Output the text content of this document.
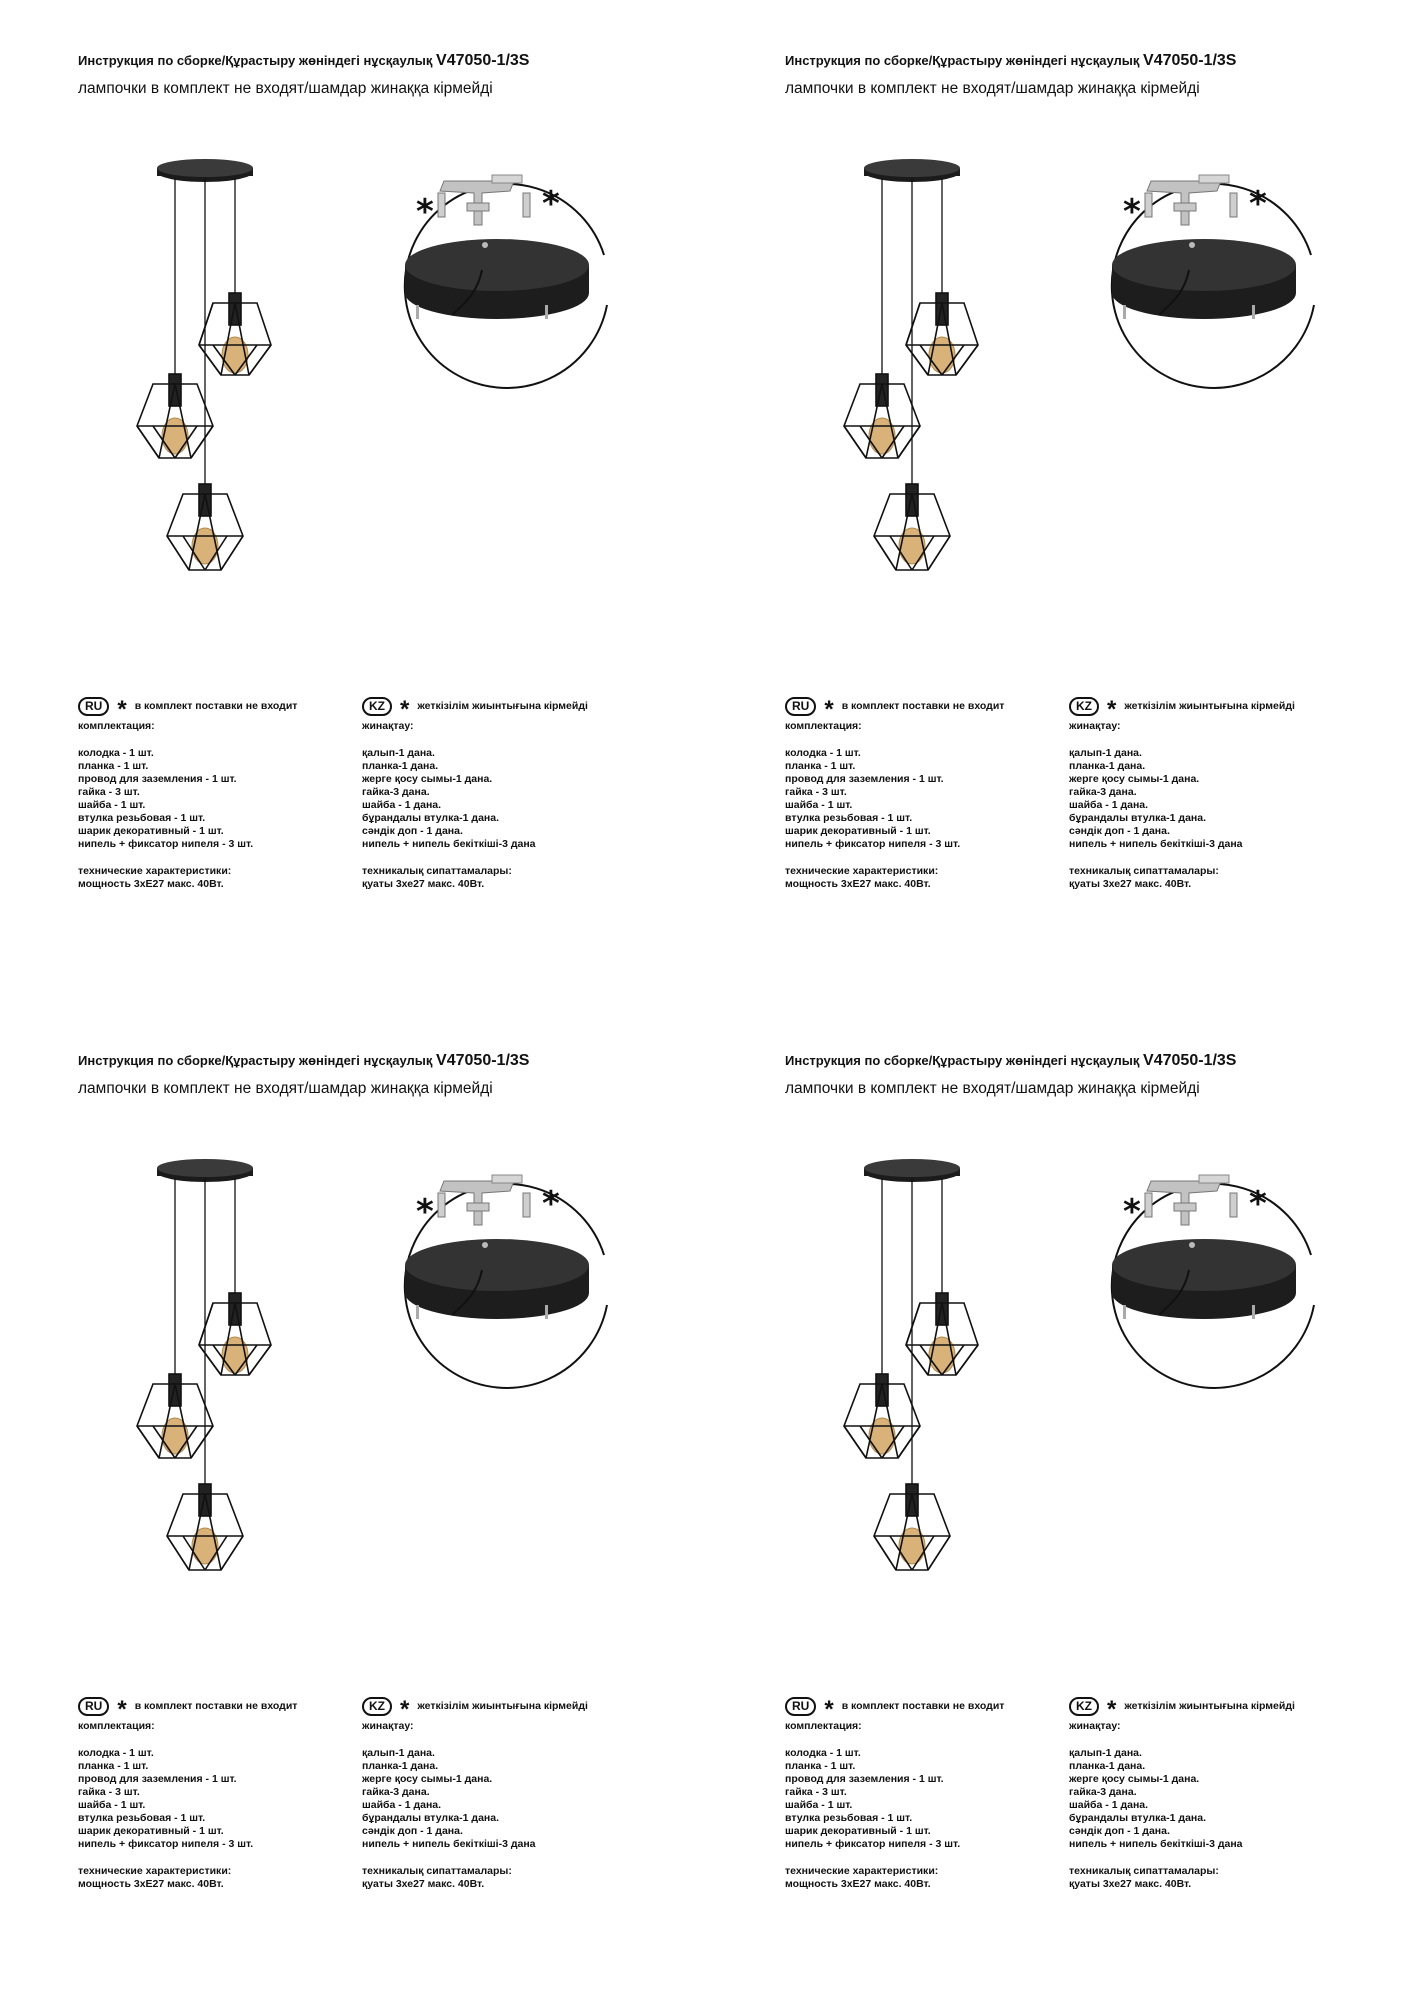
Инструкция по сборке/Құрастыру жөніндегі нұсқаулық V47050-1/3S
лампочки в комплект не входят/шамдар жинаққа кірмейді
*	*
RU * в комплект поставки не входит
комплектация:
колодка - 1 шт.
планка - 1 шт.
провод для заземления - 1 шт.
гайка - 3 шт.
шайба - 1 шт.
втулка резьбовая - 1 шт.
шарик декоративный - 1 шт.
нипель + фиксатор нипеля - 3 шт.
технические характеристики:
мощность 3хЕ27 макс. 40Вт.
KZ * жеткізілім жиынтығына кірмейді
жинақтау:
қалып-1 дана.
планка-1 дана.
жерге қосу сымы-1 дана.
гайка-3 дана.
шайба - 1 дана.
бұрандалы втулка-1 дана.
сәндік доп - 1 дана.
нипель + нипель бекіткіші-3 дана
техникалық сипаттамалары:
қуаты 3хе27 макс. 40Вт.
Инструкция по сборке/Құрастыру жөніндегі нұсқаулық V47050-1/3S
лампочки в комплект не входят/шамдар жинаққа кірмейді
*	*
RU * в комплект поставки не входит
комплектация:
колодка - 1 шт.
планка - 1 шт.
провод для заземления - 1 шт.
гайка - 3 шт.
шайба - 1 шт.
втулка резьбовая - 1 шт.
шарик декоративный - 1 шт.
нипель + фиксатор нипеля - 3 шт.
технические характеристики:
мощность 3хЕ27 макс. 40Вт.
KZ * жеткізілім жиынтығына кірмейді
жинақтау:
қалып-1 дана.
планка-1 дана.
жерге қосу сымы-1 дана.
гайка-3 дана.
шайба - 1 дана.
бұрандалы втулка-1 дана.
сәндік доп - 1 дана.
нипель + нипель бекіткіші-3 дана
техникалық сипаттамалары:
қуаты 3хе27 макс. 40Вт.
Инструкция по сборке/Құрастыру жөніндегі нұсқаулық V47050-1/3S
лампочки в комплект не входят/шамдар жинаққа кірмейді
*	*
RU * в комплект поставки не входит
комплектация:
колодка - 1 шт.
планка - 1 шт.
провод для заземления - 1 шт.
гайка - 3 шт.
шайба - 1 шт.
втулка резьбовая - 1 шт.
шарик декоративный - 1 шт.
нипель + фиксатор нипеля - 3 шт.
технические характеристики:
мощность 3хЕ27 макс. 40Вт.
KZ * жеткізілім жиынтығына кірмейді
жинақтау:
қалып-1 дана.
планка-1 дана.
жерге қосу сымы-1 дана.
гайка-3 дана.
шайба - 1 дана.
бұрандалы втулка-1 дана.
сәндік доп - 1 дана.
нипель + нипель бекіткіші-3 дана
техникалық сипаттамалары:
қуаты 3хе27 макс. 40Вт.
Инструкция по сборке/Құрастыру жөніндегі нұсқаулық V47050-1/3S
лампочки в комплект не входят/шамдар жинаққа кірмейді
*	*
RU * в комплект поставки не входит
комплектация:
колодка - 1 шт.
планка - 1 шт.
провод для заземления - 1 шт.
гайка - 3 шт.
шайба - 1 шт.
втулка резьбовая - 1 шт.
шарик декоративный - 1 шт.
нипель + фиксатор нипеля - 3 шт.
технические характеристики:
мощность 3хЕ27 макс. 40Вт.
KZ * жеткізілім жиынтығына кірмейді
жинақтау:
қалып-1 дана.
планка-1 дана.
жерге қосу сымы-1 дана.
гайка-3 дана.
шайба - 1 дана.
бұрандалы втулка-1 дана.
сәндік доп - 1 дана.
нипель + нипель бекіткіші-3 дана
техникалық сипаттамалары:
қуаты 3хе27 макс. 40Вт.
